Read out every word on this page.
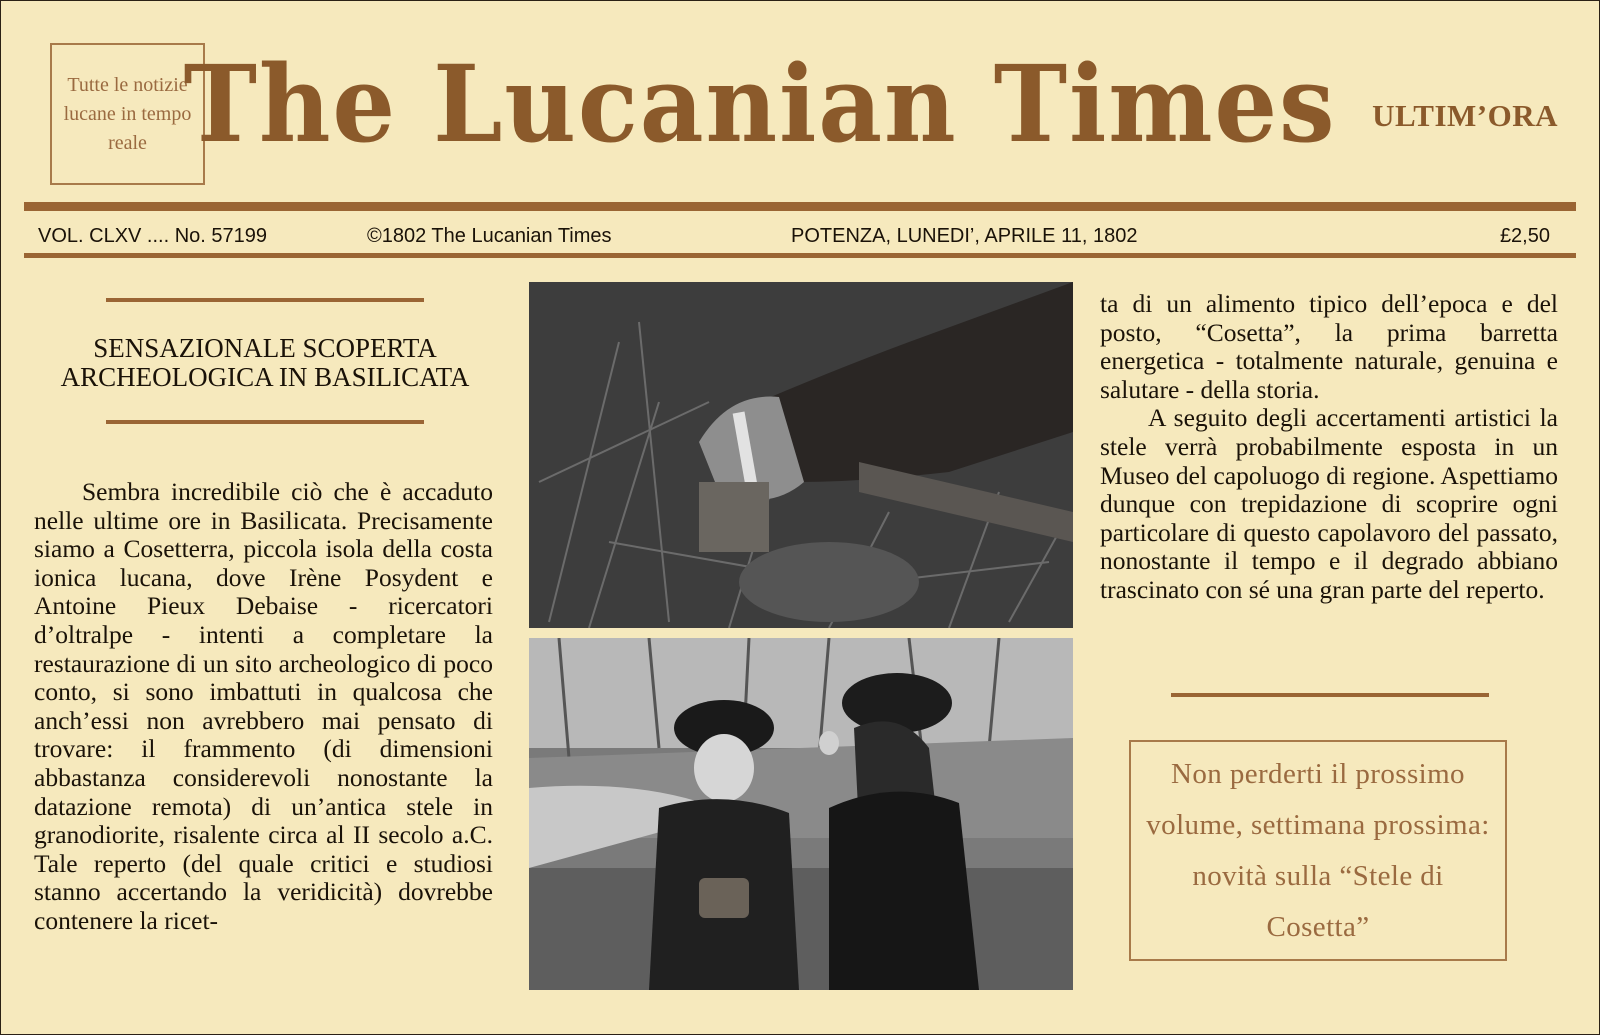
Tutte le notizie lucane in tempo reale The Lucanian Times ULTIM’ORA
VOL. CLXV .... No. 57199	©1802 The Lucanian Times	POTENZA, LUNEDI’, APRILE 11, 1802	£2,50
SENSAZIONALE SCOPERTA ARCHEOLOGICA IN BASILICATA

Sembra incredibile ciò che è accaduto nelle ultime ore in Basilicata. Precisamente siamo a Cosetterra, piccola isola della costa ionica lucana, dove Irène Posydent e Antoine Pieux Debaise - ricercatori d’oltralpe - intenti a completare la restaurazione di un sito archeologico di poco conto, si sono imbattuti in qualcosa che anch’essi non avrebbero mai pensato di trovare: il frammento (di dimensioni abbastanza considerevoli nonostante la datazione remota) di un’antica stele in granodiorite, risalente circa al II secolo a.C. Tale reperto (del quale critici e studiosi stanno accertando la veridicità) dovrebbe contenere la ricet-

ta di un alimento tipico dell’epoca e del posto, “Cosetta”, la prima barretta energetica - totalmente naturale, genuina e salutare - della storia.

A seguito degli accertamenti artistici la stele verrà probabilmente esposta in un Museo del capoluogo di regione. Aspettiamo dunque con trepidazione di scoprire ogni particolare di questo capolavoro del passato, nonostante il tempo e il degrado abbiano trascinato con sé una gran parte del reperto.

Non perderti il prossimo volume, settimana prossima: novità sulla “Stele di Cosetta”
